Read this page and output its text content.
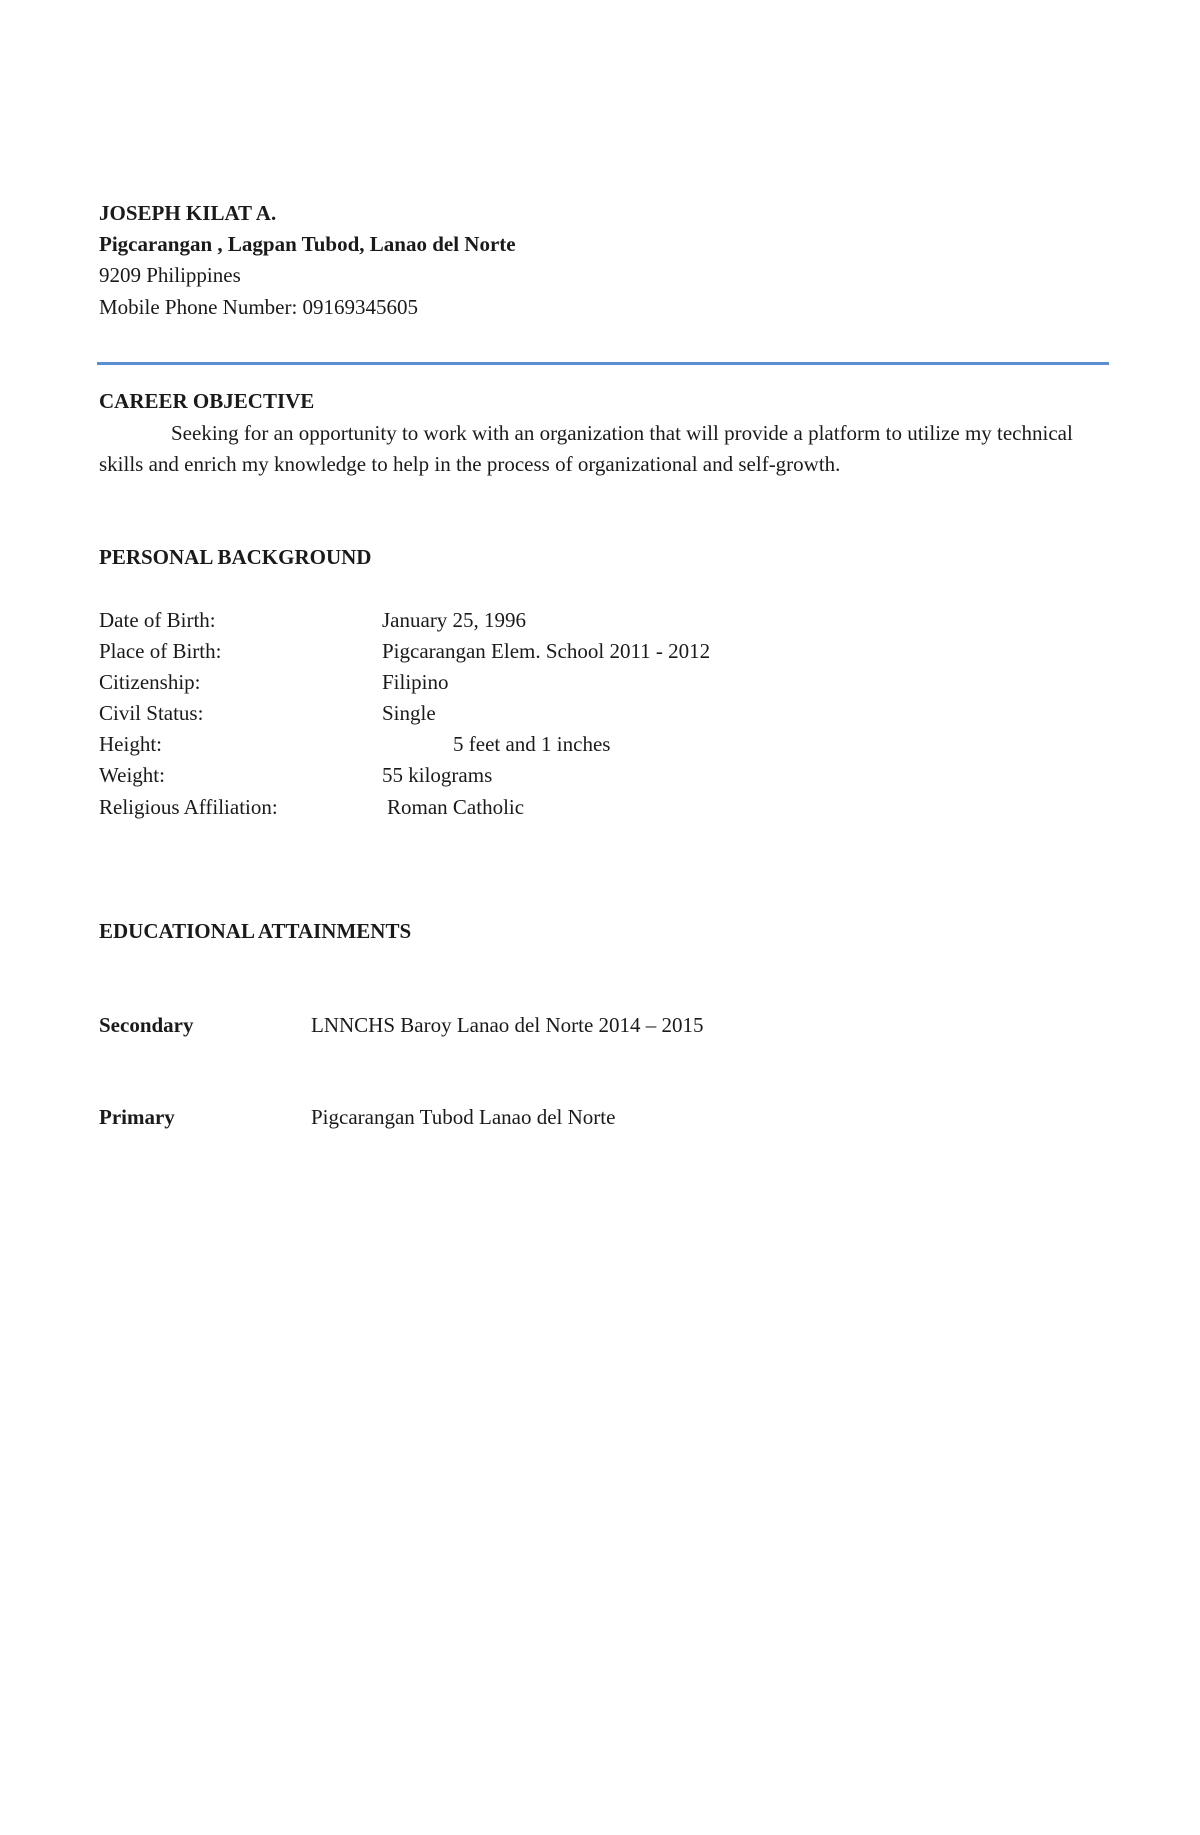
JOSEPH KILAT A.
Pigcarangan , Lagpan Tubod, Lanao del Norte
9209 Philippines
Mobile Phone Number: 09169345605
CAREER OBJECTIVE
Seeking for an opportunity to work with an organization that will provide a platform to utilize my technical skills and enrich my knowledge to help in the process of organizational and self-growth.
PERSONAL BACKGROUND
Date of Birth:	January 25, 1996
Place of Birth:	Pigcarangan Elem. School 2011 - 2012
Citizenship:	Filipino
Civil Status:	Single
Height:	5 feet and 1 inches
Weight:	55 kilograms
Religious Affiliation:	Roman Catholic
EDUCATIONAL ATTAINMENTS
Secondary	LNNCHS Baroy Lanao del Norte 2014 – 2015
Primary	Pigcarangan Tubod Lanao del Norte
